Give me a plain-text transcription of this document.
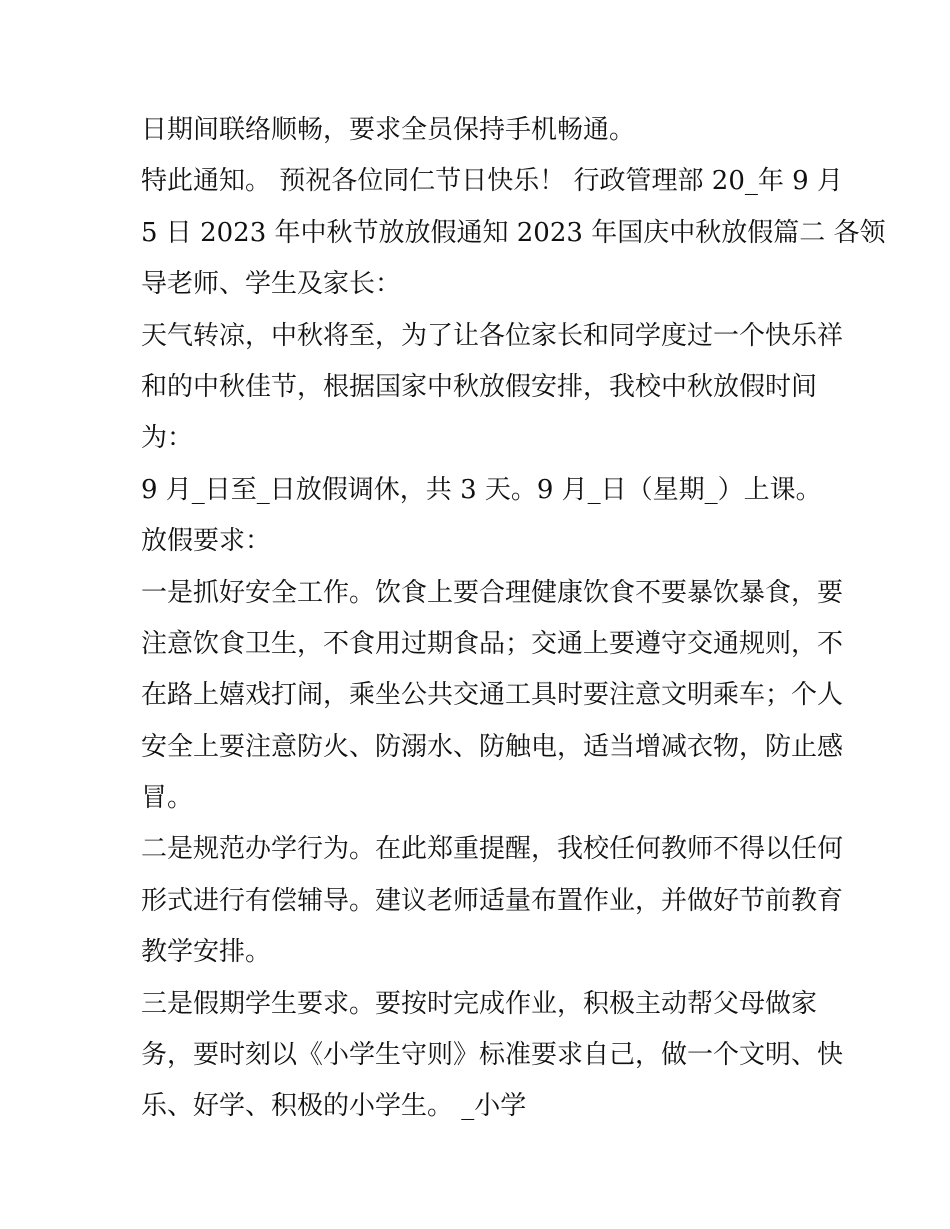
日期间联络顺畅，要求全员保持手机畅通。

特此通知。 预祝各位同仁节日快乐！ 行政管理部 20_年 9 月

5 日 2023 年中秋节放放假通知 2023 年国庆中秋放假篇二 各领

导老师、学生及家长：

天气转凉，中秋将至，为了让各位家长和同学度过一个快乐祥

和的中秋佳节，根据国家中秋放假安排，我校中秋放假时间

为：

9 月_日至_日放假调休，共 3 天。9 月_日（星期_）上课。

放假要求：

一是抓好安全工作。饮食上要合理健康饮食不要暴饮暴食，要

注意饮食卫生，不食用过期食品；交通上要遵守交通规则，不

在路上嬉戏打闹，乘坐公共交通工具时要注意文明乘车；个人

安全上要注意防火、防溺水、防触电，适当增减衣物，防止感

冒。

二是规范办学行为。在此郑重提醒，我校任何教师不得以任何

形式进行有偿辅导。建议老师适量布置作业，并做好节前教育

教学安排。

三是假期学生要求。要按时完成作业，积极主动帮父母做家

务，要时刻以《小学生守则》标准要求自己，做一个文明、快

乐、好学、积极的小学生。 _小学
